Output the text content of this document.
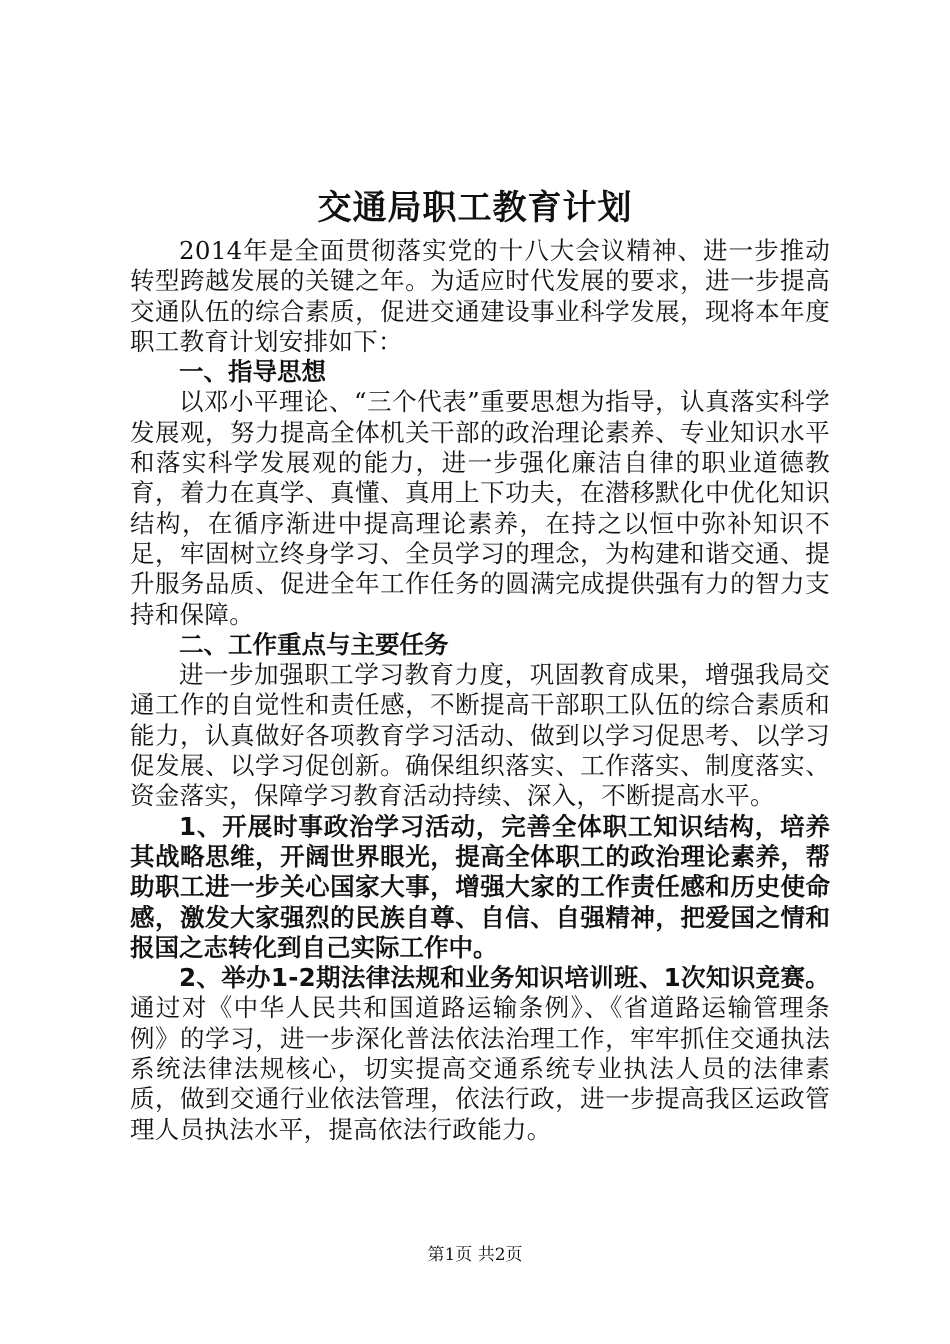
交通局职工教育计划

2014年是全面贯彻落实党的十八大会议精神、进一步推动转型跨越发展的关键之年。为适应时代发展的要求，进一步提高交通队伍的综合素质，促进交通建设事业科学发展，现将本年度职工教育计划安排如下：

一、指导思想

以邓小平理论、“三个代表”重要思想为指导，认真落实科学发展观，努力提高全体机关干部的政治理论素养、专业知识水平和落实科学发展观的能力，进一步强化廉洁自律的职业道德教育，着力在真学、真懂、真用上下功夫，在潜移默化中优化知识结构，在循序渐进中提高理论素养，在持之以恒中弥补知识不足，牢固树立终身学习、全员学习的理念，为构建和谐交通、提升服务品质、促进全年工作任务的圆满完成提供强有力的智力支持和保障。

二、工作重点与主要任务

进一步加强职工学习教育力度，巩固教育成果，增强我局交通工作的自觉性和责任感，不断提高干部职工队伍的综合素质和能力，认真做好各项教育学习活动、做到以学习促思考、以学习促发展、以学习促创新。确保组织落实、工作落实、制度落实、资金落实，保障学习教育活动持续、深入，不断提高水平。

1、开展时事政治学习活动，完善全体职工知识结构，培养其战略思维，开阔世界眼光，提高全体职工的政治理论素养，帮助职工进一步关心国家大事，增强大家的工作责任感和历史使命感，激发大家强烈的民族自尊、自信、自强精神，把爱国之情和报国之志转化到自己实际工作中。

2、举办1-2期法律法规和业务知识培训班、1次知识竞赛。通过对《中华人民共和国道路运输条例》、《省道路运输管理条例》的学习，进一步深化普法依法治理工作，牢牢抓住交通执法系统法律法规核心，切实提高交通系统专业执法人员的法律素质，做到交通行业依法管理，依法行政，进一步提高我区运政管理人员执法水平，提高依法行政能力。

第1页 共2页
